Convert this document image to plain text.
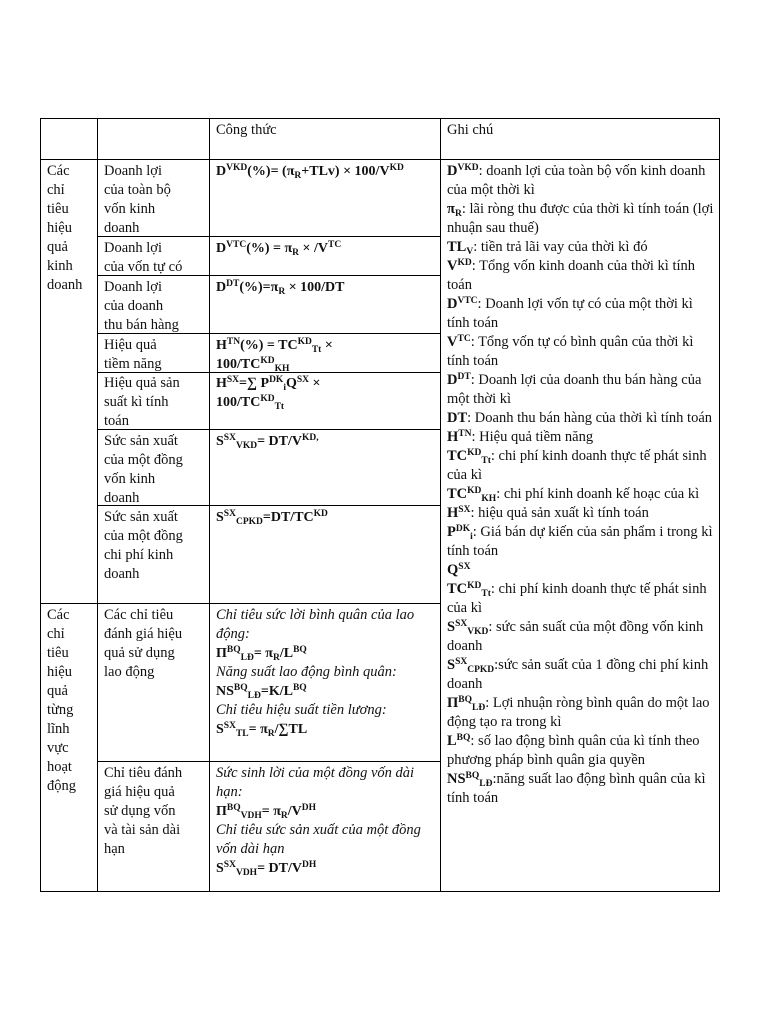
Công thức	Ghi chú
Các
chỉ
tiêu
hiệu
quả
kinh
doanh
Các
chỉ
tiêu
hiệu
quả
từng
lĩnh
vực
hoạt
động
Doanh lợi
của toàn bộ
vốn kinh
doanh
Doanh lợi
của vốn tự có
Doanh lợi
của doanh
thu bán hàng
Hiệu quả
tiềm năng
Hiệu quả sản
suất kì tính
toán
Sức sản xuất
của một đồng
vốn kinh
doanh
Sức sản xuất
của một đồng
chi phí kinh
doanh
Các chỉ tiêu
đánh giá hiệu
quả sử dụng
lao động
Chỉ tiêu đánh
giá hiệu quả
sử dụng vốn
và tài sản dài
hạn
$D^{VKD}(\%)= (\pi_R+TLv) \times 100/V^{KD}$
$D^{VTC}(\%) = \pi_R \times /V^{TC}$
$D^{DT}(\%)=\pi_R \times 100/DT$
$H^{TN}(\%) = TC^{KD}_{Tt} \times 100/TC^{KD}_{KH}$
$H^{SX}=\sum$ $P^{DK}_iQ^{SX} \times 100/TC^{KD}_{Tt}$
$S^{SX}_{VKD}= DT/V^{KD,}$
$S^{SX}_{CPKD}=DT/TC^{KD}$
Chỉ tiêu sức lời bình quân của lao động:
$\Pi^{BQ}_{LĐ}= \pi_R/L^{BQ}$
Năng suất lao động bình quân:
$NS^{BQ}_{LĐ}=K/L^{BQ}$
Chỉ tiêu hiệu suất tiền lương:
$S^{SX}_{TL}= \pi_R/\sum TL$
Sức sinh lời của một đồng vốn dài hạn:
$\Pi^{BQ}_{VDH}= \pi_R/V^{DH}$
Chỉ tiêu sức sản xuất của một đồng vốn dài hạn
$S^{SX}_{VDH}= DT/V^{DH}$
$D^{VKD}$: doanh lợi của toàn bộ vốn kinh doanh của một thời kì
$\pi_R$: lãi ròng thu được của thời kì tính toán (lợi nhuận sau thuế)
$TL_V$: tiền trả lãi vay của thời kì đó
$V^{KD}$: Tổng vốn kinh doanh của thời kì tính toán
$D^{VTC}$: Doanh lợi vốn tự có của một thời kì tính toán
$V^{TC}$: Tổng vốn tự có bình quân của thời kì tính toán
$D^{DT}$: Doanh lợi của doanh thu bán hàng của một thời kì
DT: Doanh thu bán hàng của thời kì tính toán
$H^{TN}$: Hiệu quả tiềm năng
$TC^{KD}_{Tt}$: chi phí kinh doanh thực tế phát sinh của kì
$TC^{KD}_{KH}$: chi phí kinh doanh kế hoạc của kì
$H^{SX}$: hiệu quả sản xuất kì tính toán
$P^{DK}_i$: Giá bán dự kiến của sản phẩm i trong kì tính toán
$Q^{SX}$
$TC^{KD}_{Tt}$: chi phí kinh doanh thực tế phát sinh của kì
$S^{SX}_{VKD}$: sức sản suất của một đồng vốn kinh doanh
$S^{SX}_{CPKD}:sức$ sản suất của 1 đồng chi phí kinh doanh
$\Pi^{BQ}_{LĐ}$: Lợi nhuận ròng bình quân do một lao động tạo ra trong kì
$L^{BQ}$: số lao động bình quân của kì tính theo phương pháp bình quân gia quyền
$NS^{BQ}_{LĐ}:năng$ suất lao động bình quân của kì tính toán
